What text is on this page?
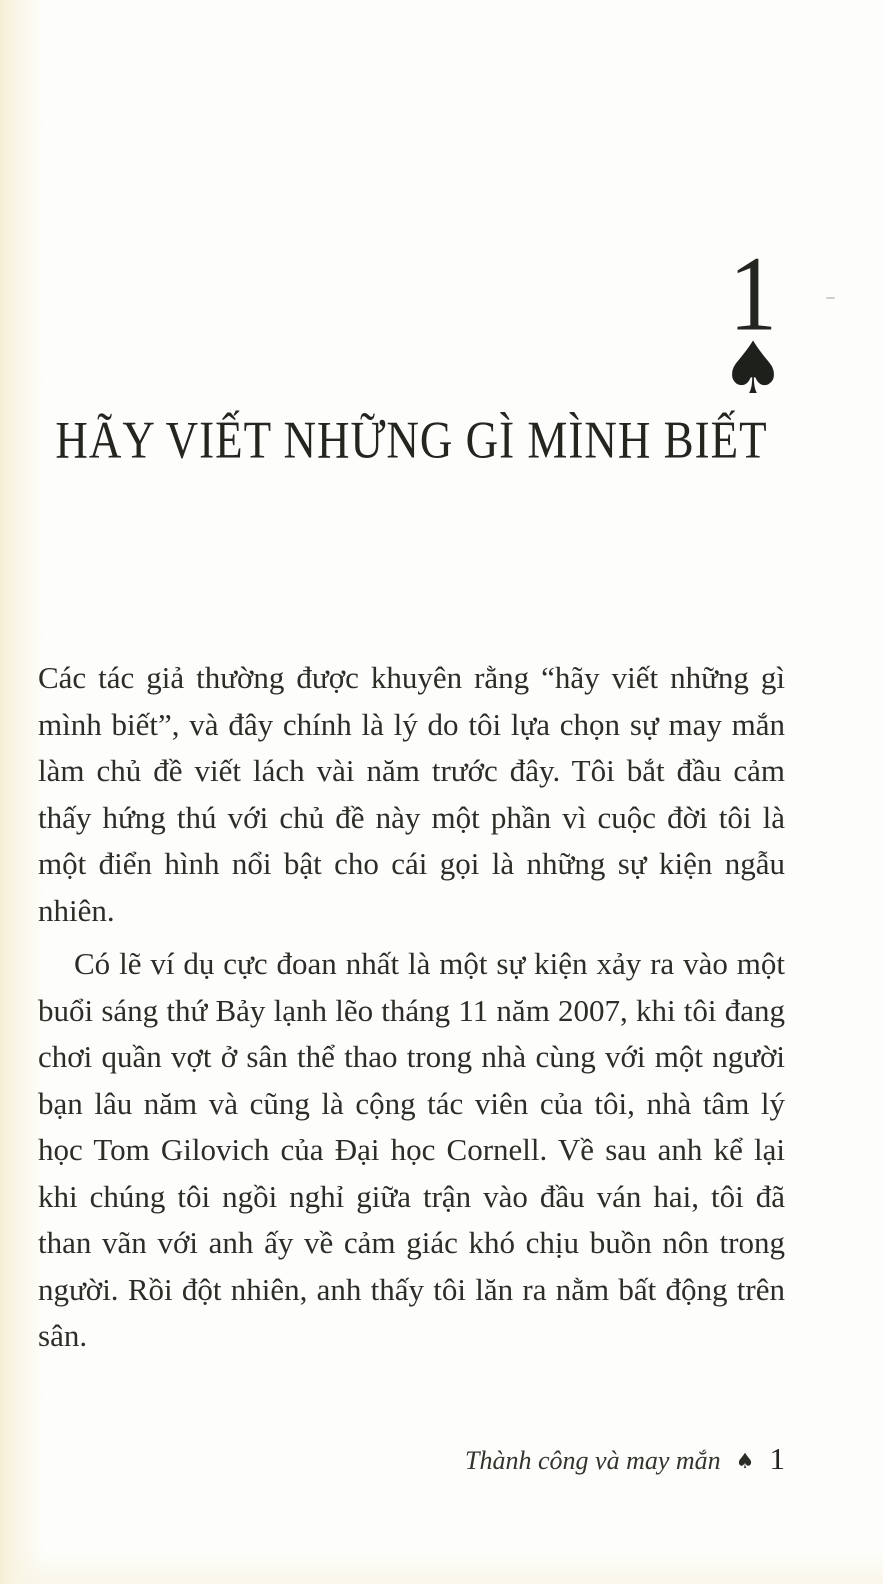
1
♠
HÃY VIẾT NHỮNG GÌ MÌNH BIẾT

Các tác giả thường được khuyên rằng “hãy viết những gì mình biết”, và đây chính là lý do tôi lựa chọn sự may mắn làm chủ đề viết lách vài năm trước đây. Tôi bắt đầu cảm thấy hứng thú với chủ đề này một phần vì cuộc đời tôi là một điển hình nổi bật cho cái gọi là những sự kiện ngẫu nhiên.

Có lẽ ví dụ cực đoan nhất là một sự kiện xảy ra vào một buổi sáng thứ Bảy lạnh lẽo tháng 11 năm 2007, khi tôi đang chơi quần vợt ở sân thể thao trong nhà cùng với một người bạn lâu năm và cũng là cộng tác viên của tôi, nhà tâm lý học Tom Gilovich của Đại học Cornell. Về sau anh kể lại khi chúng tôi ngồi nghỉ giữa trận vào đầu ván hai, tôi đã than vãn với anh ấy về cảm giác khó chịu buồn nôn trong người. Rồi đột nhiên, anh thấy tôi lăn ra nằm bất động trên sân.

Thành công và may mắn ♠ 1
